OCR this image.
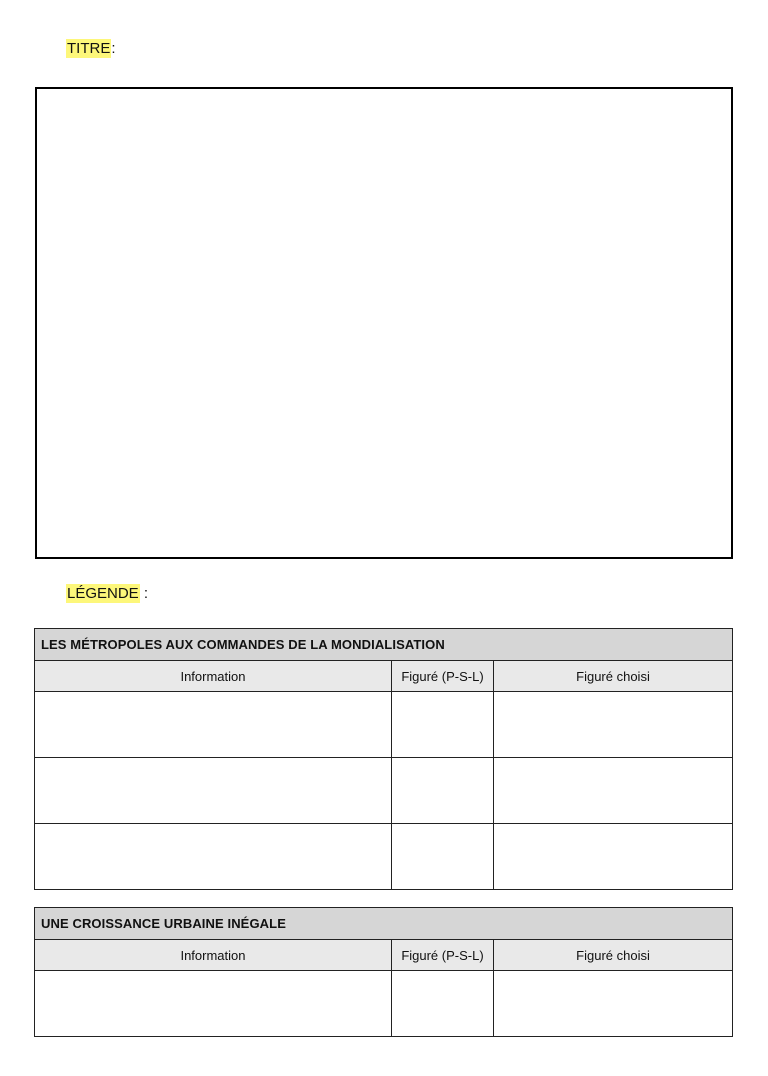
TITRE:
LÉGENDE :
LES MÉTROPOLES AUX COMMANDES DE LA MONDIALISATION		
Information	Figuré (P-S-L)	Figuré choisi

UNE CROISSANCE URBAINE INÉGALE		
Information	Figuré (P-S-L)	Figuré choisi
